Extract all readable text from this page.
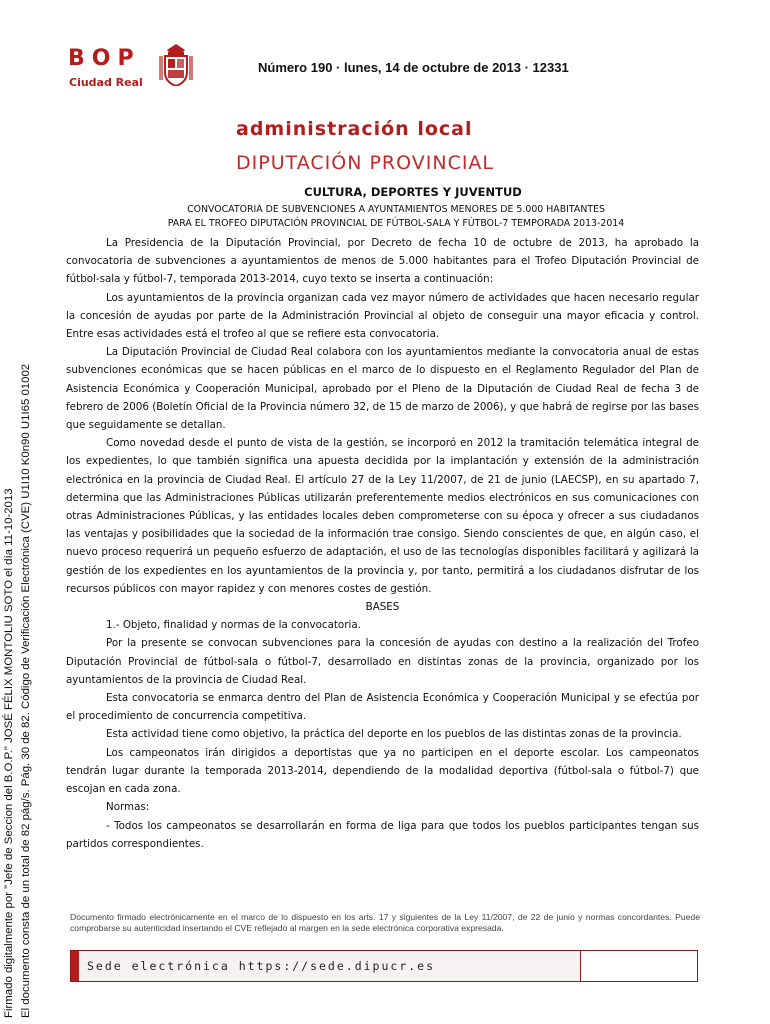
Firmado digitalmente por "Jefe de Seccion del B.O.P." JOSÉ FÉLIX MONTOLIU SOTO el día 11-10-2013 El documento consta de un total de 82 pág/s. Pág. 30 de 82. Código de Verificación Electrónica (CVE) U1I10 K0n90 U1I65 01002
BOP
Ciudad Real
Número 190 · lunes, 14 de octubre de 2013 · 12331
administración local
DIPUTACIÓN PROVINCIAL
CULTURA, DEPORTES Y JUVENTUD
CONVOCATORIA DE SUBVENCIONES A AYUNTAMIENTOS MENORES DE 5.000 HABITANTES
PARA EL TROFEO DIPUTACIÓN PROVINCIAL DE FÚTBOL-SALA Y FÚTBOL-7 TEMPORADA 2013-2014

La Presidencia de la Diputación Provincial, por Decreto de fecha 10 de octubre de 2013, ha aprobado la convocatoria de subvenciones a ayuntamientos de menos de 5.000 habitantes para el Trofeo Diputación Provincial de fútbol-sala y fútbol-7, temporada 2013-2014, cuyo texto se inserta a continuación:

Los ayuntamientos de la provincia organizan cada vez mayor número de actividades que hacen necesario regular la concesión de ayudas por parte de la Administración Provincial al objeto de conseguir una mayor eficacia y control. Entre esas actividades está el trofeo al que se refiere esta convocatoria.

La Diputación Provincial de Ciudad Real colabora con los ayuntamientos mediante la convocatoria anual de estas subvenciones económicas que se hacen públicas en el marco de lo dispuesto en el Reglamento Regulador del Plan de Asistencia Económica y Cooperación Municipal, aprobado por el Pleno de la Diputación de Ciudad Real de fecha 3 de febrero de 2006 (Boletín Oficial de la Provincia número 32, de 15 de marzo de 2006), y que habrá de regirse por las bases que seguidamente se detallan.

Como novedad desde el punto de vista de la gestión, se incorporó en 2012 la tramitación telemática integral de los expedientes, lo que también significa una apuesta decidida por la implantación y extensión de la administración electrónica en la provincia de Ciudad Real. El artículo 27 de la Ley 11/2007, de 21 de junio (LAECSP), en su apartado 7, determina que las Administraciones Públicas utilizarán preferentemente medios electrónicos en sus comunicaciones con otras Administraciones Públicas, y las entidades locales deben comprometerse con su época y ofrecer a sus ciudadanos las ventajas y posibilidades que la sociedad de la información trae consigo. Siendo conscientes de que, en algún caso, el nuevo proceso requerirá un pequeño esfuerzo de adaptación, el uso de las tecnologías disponibles facilitará y agilizará la gestión de los expedientes en los ayuntamientos de la provincia y, por tanto, permitirá a los ciudadanos disfrutar de los recursos públicos con mayor rapidez y con menores costes de gestión.

BASES

1.- Objeto, finalidad y normas de la convocatoria.

Por la presente se convocan subvenciones para la concesión de ayudas con destino a la realización del Trofeo Diputación Provincial de fútbol-sala o fútbol-7, desarrollado en distintas zonas de la provincia, organizado por los ayuntamientos de la provincia de Ciudad Real.

Esta convocatoria se enmarca dentro del Plan de Asistencia Económica y Cooperación Municipal y se efectúa por el procedimiento de concurrencia competitiva.

Esta actividad tiene como objetivo, la práctica del deporte en los pueblos de las distintas zonas de la provincia.

Los campeonatos irán dirigidos a deportistas que ya no participen en el deporte escolar. Los campeonatos tendrán lugar durante la temporada 2013-2014, dependiendo de la modalidad deportiva (fútbol-sala o fútbol-7) que escojan en cada zona.

Normas:

- Todos los campeonatos se desarrollarán en forma de liga para que todos los pueblos participantes tengan sus partidos correspondientes.

Documento firmado electrónicamente en el marco de lo dispuesto en los arts. 17 y siguientes de la Ley 11/2007, de 22 de junio y normas concordantes. Puede comprobarse su autenticidad insertando el CVE reflejado al margen en la sede electrónica corporativa expresada.
Sede electrónica https://sede.dipucr.es
